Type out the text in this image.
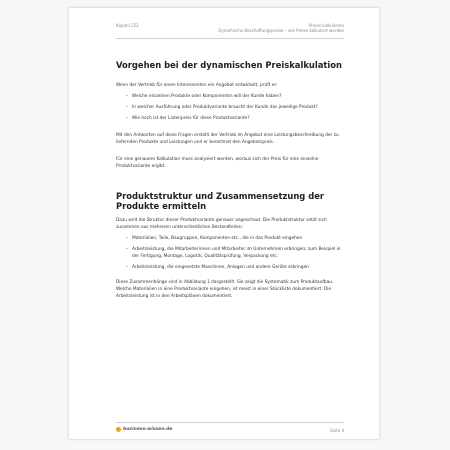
Kapitel 222	Preise kalkulieren
Dynamische Beschaffungspreise – wie Preise kalkuliert werden
Vorgehen bei der dynamischen Preiskalkulation

Wenn der Vertrieb für einen Interessenten ein Angebot entwickelt, prüft er:

– Welche einzelnen Produkte oder Komponenten will der Kunde haben?
– In welcher Ausführung oder Produktvariante braucht der Kunde das jeweilige Produkt?
– Wie hoch ist der Listenpreis für diese Produktvariante?

Mit den Antworten auf diese Fragen erstellt der Vertrieb im Angebot eine Leistungsbeschreibung der zu liefernden Produkte und Leistungen und er berechnet den Angebotspreis.

Für eine genauere Kalkulation muss analysiert werden, woraus sich der Preis für eine einzelne Produktvariante ergibt.

Produktstruktur und Zusammensetzung der Produkte ermitteln

Dazu wird die Struktur dieser Produktvariante genauer angeschaut. Die Produktstruktur setzt sich zusammen aus mehreren unterschiedlichen Bestandteilen:

– Materialien, Teile, Baugruppen, Komponenten etc., die in das Produkt eingehen
– Arbeitsleistung, die Mitarbeiterinnen und Mitarbeiter im Unternehmen erbringen; zum Beispiel in der Fertigung, Montage, Logistik, Qualitätsprüfung, Verpackung etc.
– Arbeitsleistung, die eingesetzte Maschinen, Anlagen und andere Geräte erbringen

Diese Zusammenhänge sind in Abbildung 1 dargestellt. Sie zeigt die Systematik zum Produktaufbau. Welche Materialien in eine Produktvariante eingehen, ist meist in einer Stückliste dokumentiert. Die Arbeitsleistung ist in den Arbeitsplänen dokumentiert.

business-wissen.de	Seite 4
